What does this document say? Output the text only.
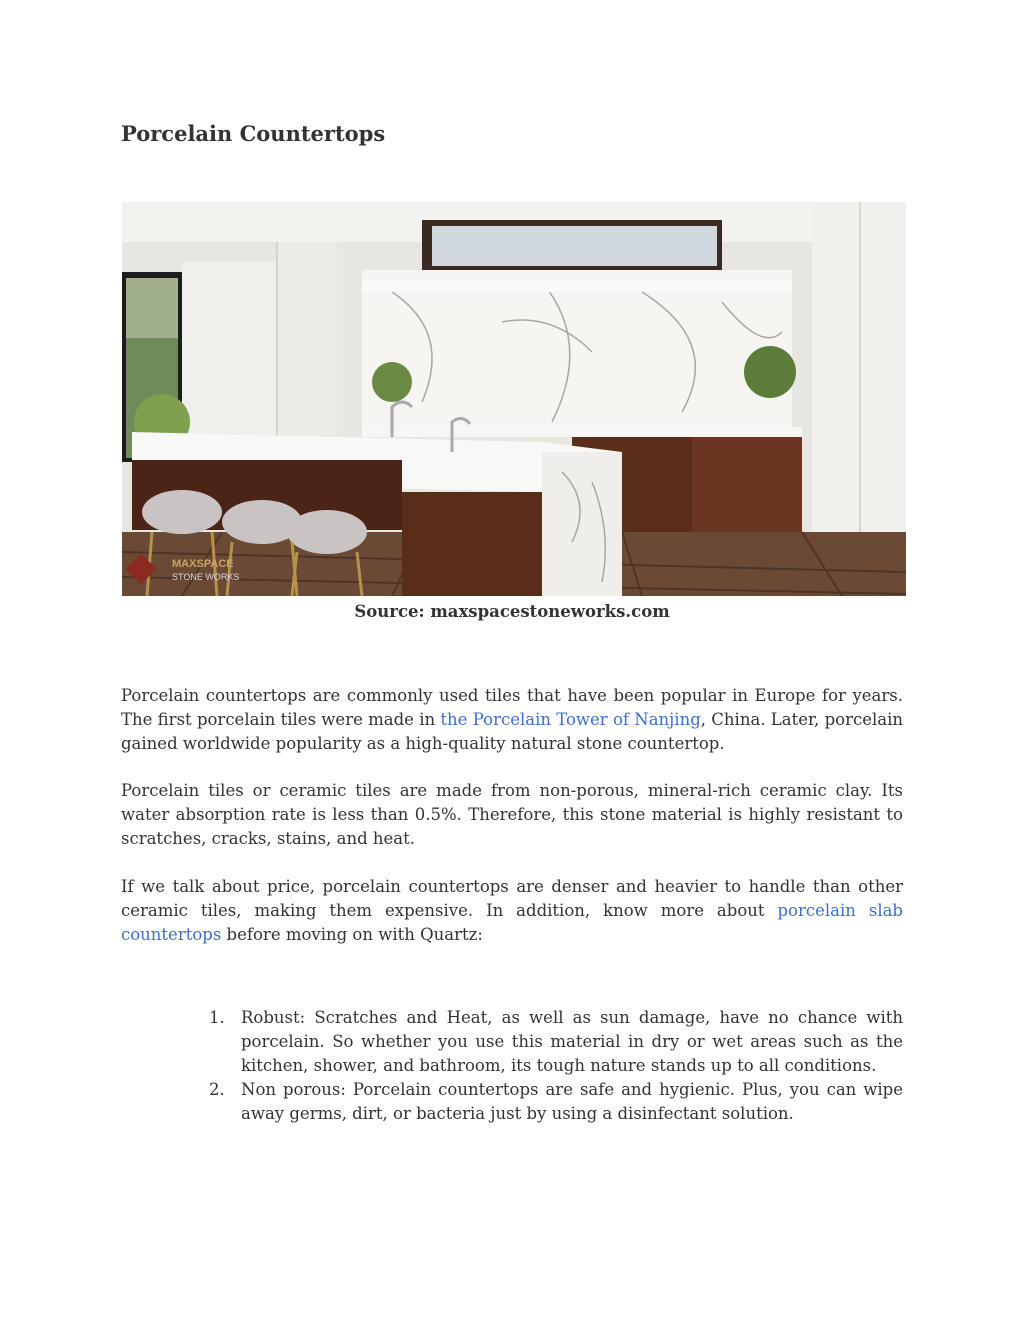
Porcelain Countertops
MAXSPACE
STONE WORKS
Source: maxspacestoneworks.com

Porcelain countertops are commonly used tiles that have been popular in Europe for years. The first porcelain tiles were made in the Porcelain Tower of Nanjing, China. Later, porcelain gained worldwide popularity as a high-quality natural stone countertop.

Porcelain tiles or ceramic tiles are made from non-porous, mineral-rich ceramic clay. Its water absorption rate is less than 0.5%. Therefore, this stone material is highly resistant to scratches, cracks, stains, and heat.

If we talk about price, porcelain countertops are denser and heavier to handle than other ceramic tiles, making them expensive. In addition, know more about porcelain slab countertops before moving on with Quartz:

1. Robust: Scratches and Heat, as well as sun damage, have no chance with porcelain. So whether you use this material in dry or wet areas such as the kitchen, shower, and bathroom, its tough nature stands up to all conditions.
2. Non porous: Porcelain countertops are safe and hygienic. Plus, you can wipe away germs, dirt, or bacteria just by using a disinfectant solution.
